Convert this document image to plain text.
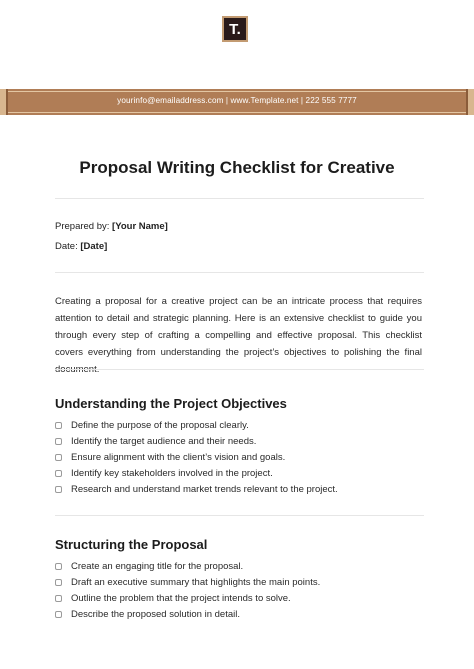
T.
yourinfo@emailaddress.com | www.Template.net | 222 555 7777
Proposal Writing Checklist for Creative
Prepared by: [Your Name]
Date: [Date]
Creating a proposal for a creative project can be an intricate process that requires attention to detail and strategic planning. Here is an extensive checklist to guide you through every step of crafting a compelling and effective proposal. This checklist covers everything from understanding the project’s objectives to polishing the final
Understanding the Project Objectives
Define the purpose of the proposal clearly.
Identify the target audience and their needs.
Ensure alignment with the client’s vision and goals.
Identify key stakeholders involved in the project.
Research and understand market trends relevant to the project.
Structuring the Proposal
Create an engaging title for the proposal.
Draft an executive summary that highlights the main points.
Outline the problem that the project intends to solve.
Describe the proposed solution in detail.
